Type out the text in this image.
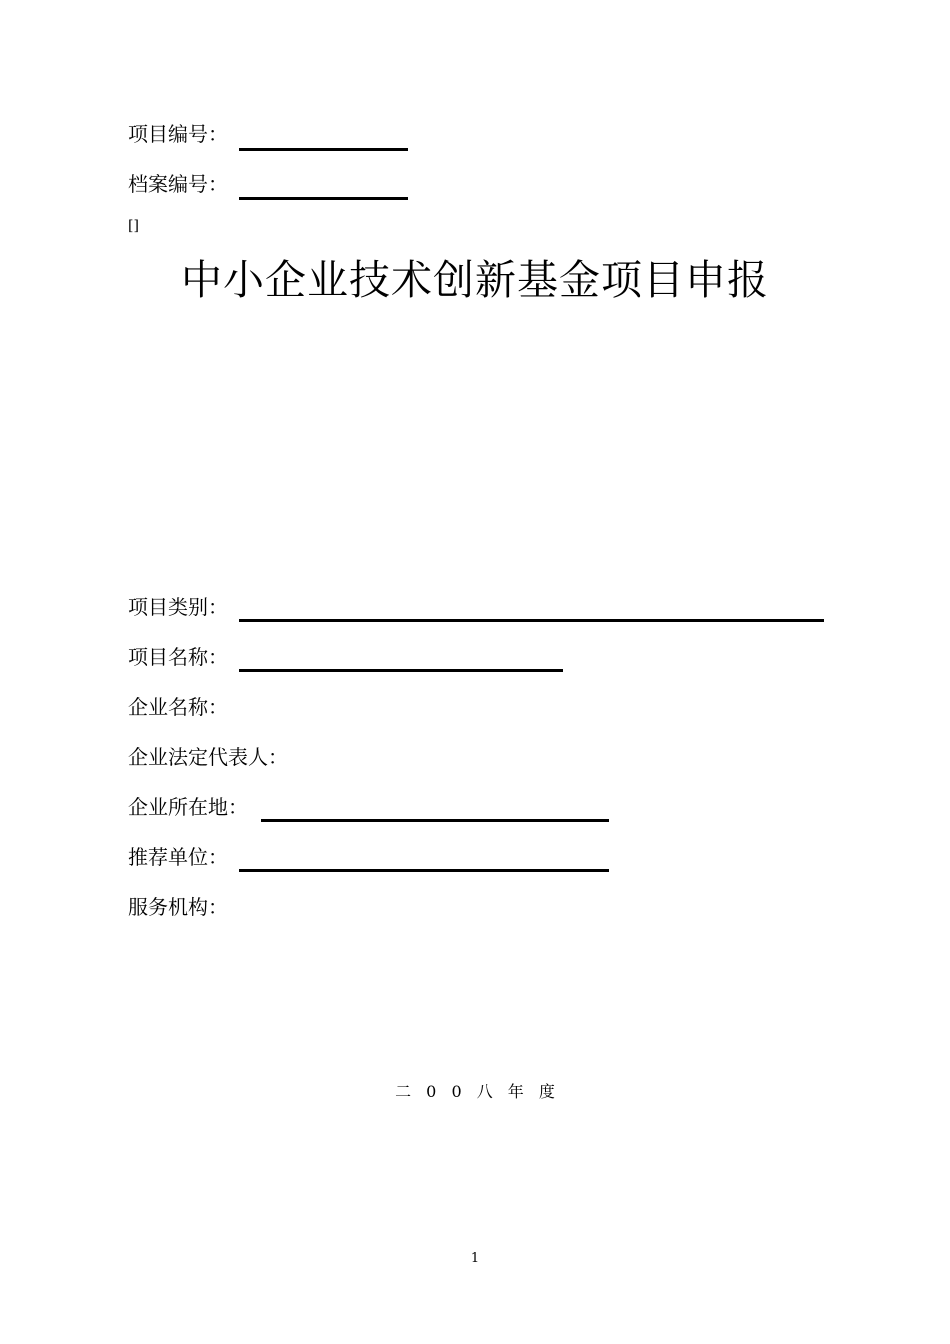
项目编号：
档案编号：
[]
中小企业技术创新基金项目申报
项目类别：
项目名称：
企业名称：
企业法定代表人：
企业所在地：
推荐单位：
服务机构：
二 0 0 八 年 度
1
